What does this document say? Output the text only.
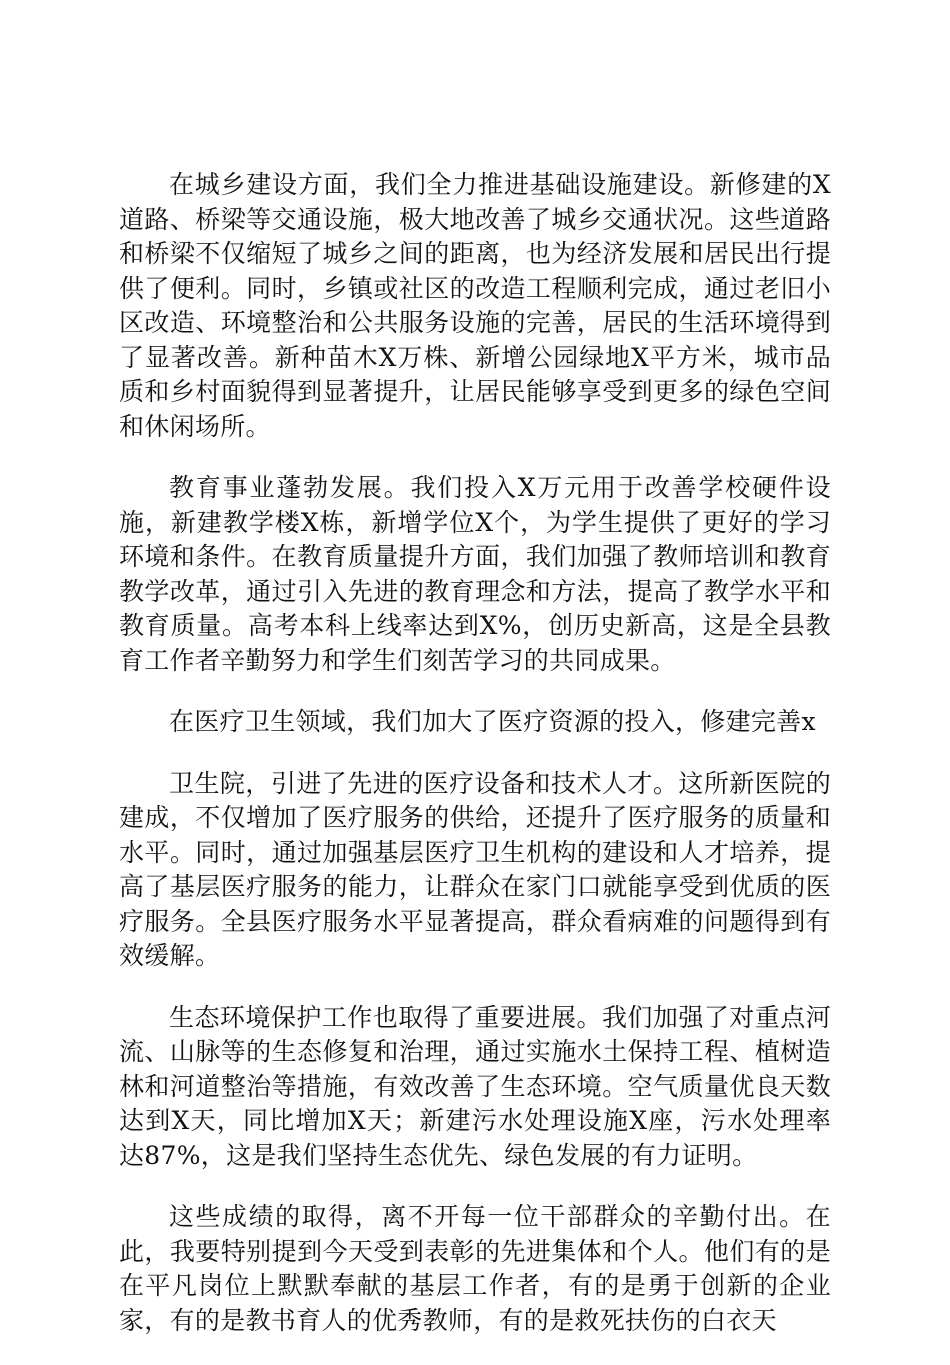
在城乡建设方面，我们全力推进基础设施建设。新修建的X道路、桥梁等交通设施，极大地改善了城乡交通状况。这些道路和桥梁不仅缩短了城乡之间的距离，也为经济发展和居民出行提供了便利。同时，乡镇或社区的改造工程顺利完成，通过老旧小区改造、环境整治和公共服务设施的完善，居民的生活环境得到了显著改善。新种苗木X万株、新增公园绿地X平方米，城市品质和乡村面貌得到显著提升，让居民能够享受到更多的绿色空间和休闲场所。

教育事业蓬勃发展。我们投入X万元用于改善学校硬件设施，新建教学楼X栋，新增学位X个，为学生提供了更好的学习环境和条件。在教育质量提升方面，我们加强了教师培训和教育教学改革，通过引入先进的教育理念和方法，提高了教学水平和教育质量。高考本科上线率达到X%，创历史新高，这是全县教育工作者辛勤努力和学生们刻苦学习的共同成果。

在医疗卫生领域，我们加大了医疗资源的投入，修建完善x

卫生院，引进了先进的医疗设备和技术人才。这所新医院的建成，不仅增加了医疗服务的供给，还提升了医疗服务的质量和水平。同时，通过加强基层医疗卫生机构的建设和人才培养，提高了基层医疗服务的能力，让群众在家门口就能享受到优质的医疗服务。全县医疗服务水平显著提高，群众看病难的问题得到有效缓解。

生态环境保护工作也取得了重要进展。我们加强了对重点河流、山脉等的生态修复和治理，通过实施水土保持工程、植树造林和河道整治等措施，有效改善了生态环境。空气质量优良天数达到X天，同比增加X天；新建污水处理设施X座，污水处理率达87%，这是我们坚持生态优先、绿色发展的有力证明。

这些成绩的取得，离不开每一位干部群众的辛勤付出。在此，我要特别提到今天受到表彰的先进集体和个人。他们有的是在平凡岗位上默默奉献的基层工作者，有的是勇于创新的企业家，有的是教书育人的优秀教师，有的是救死扶伤的白衣天
